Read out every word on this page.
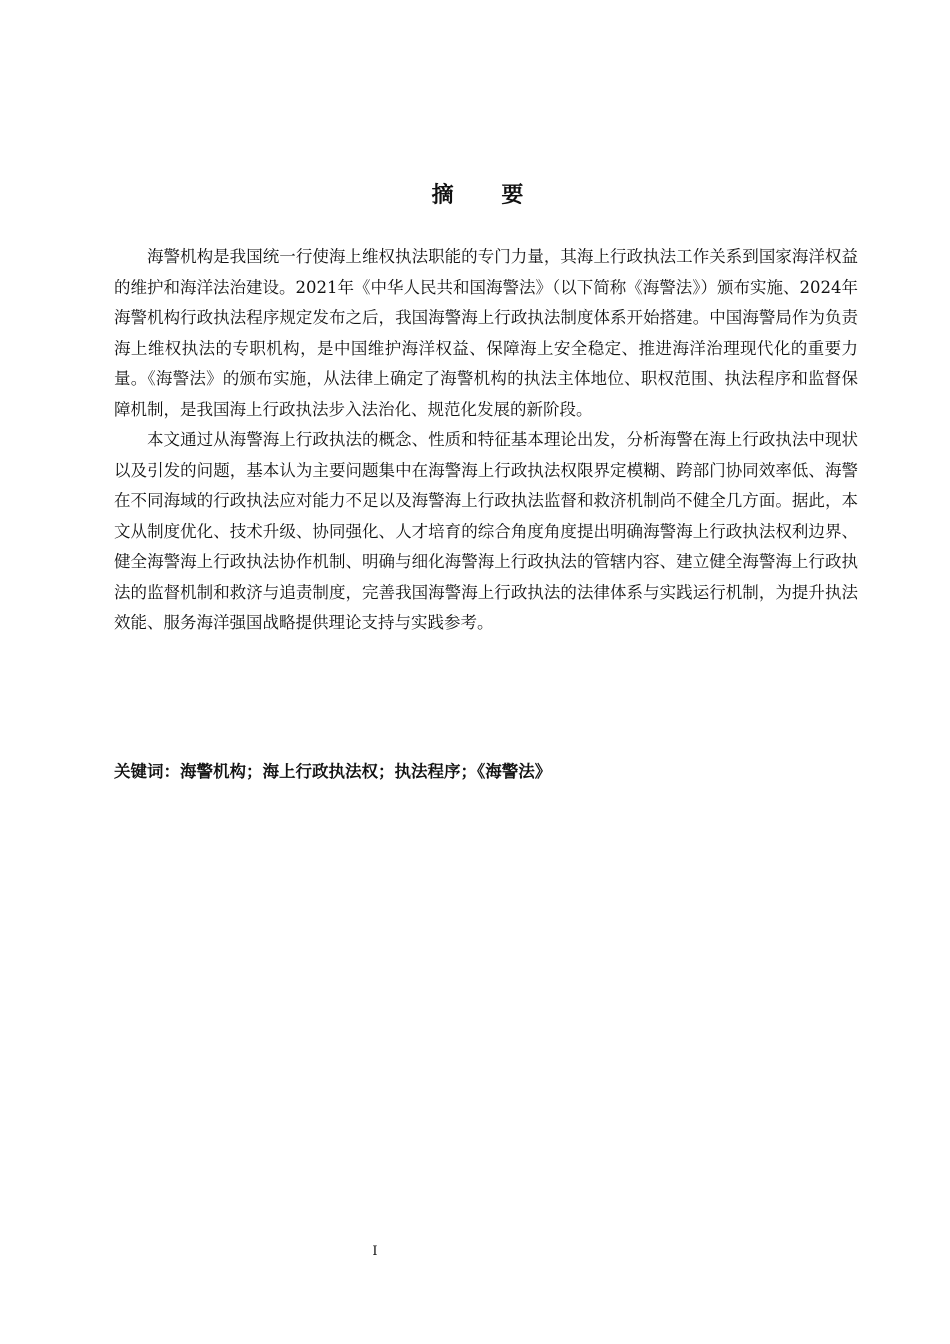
摘 要

海警机构是我国统一行使海上维权执法职能的专门力量，其海上行政执法工作关系到国家海洋权益的维护和海洋法治建设。2021年《中华人民共和国海警法》（以下简称《海警法》）颁布实施、2024年海警机构行政执法程序规定发布之后，我国海警海上行政执法制度体系开始搭建。中国海警局作为负责海上维权执法的专职机构，是中国维护海洋权益、保障海上安全稳定、推进海洋治理现代化的重要力量。《海警法》的颁布实施，从法律上确定了海警机构的执法主体地位、职权范围、执法程序和监督保障机制，是我国海上行政执法步入法治化、规范化发展的新阶段。

本文通过从海警海上行政执法的概念、性质和特征基本理论出发，分析海警在海上行政执法中现状以及引发的问题，基本认为主要问题集中在海警海上行政执法权限界定模糊、跨部门协同效率低、海警在不同海域的行政执法应对能力不足以及海警海上行政执法监督和救济机制尚不健全几方面。据此，本文从制度优化、技术升级、协同强化、人才培育的综合角度角度提出明确海警海上行政执法权利边界、健全海警海上行政执法协作机制、明确与细化海警海上行政执法的管辖内容、建立健全海警海上行政执法的监督机制和救济与追责制度，完善我国海警海上行政执法的法律体系与实践运行机制，为提升执法效能、服务海洋强国战略提供理论支持与实践参考。

关键词：海警机构；海上行政执法权；执法程序；《海警法》
I
